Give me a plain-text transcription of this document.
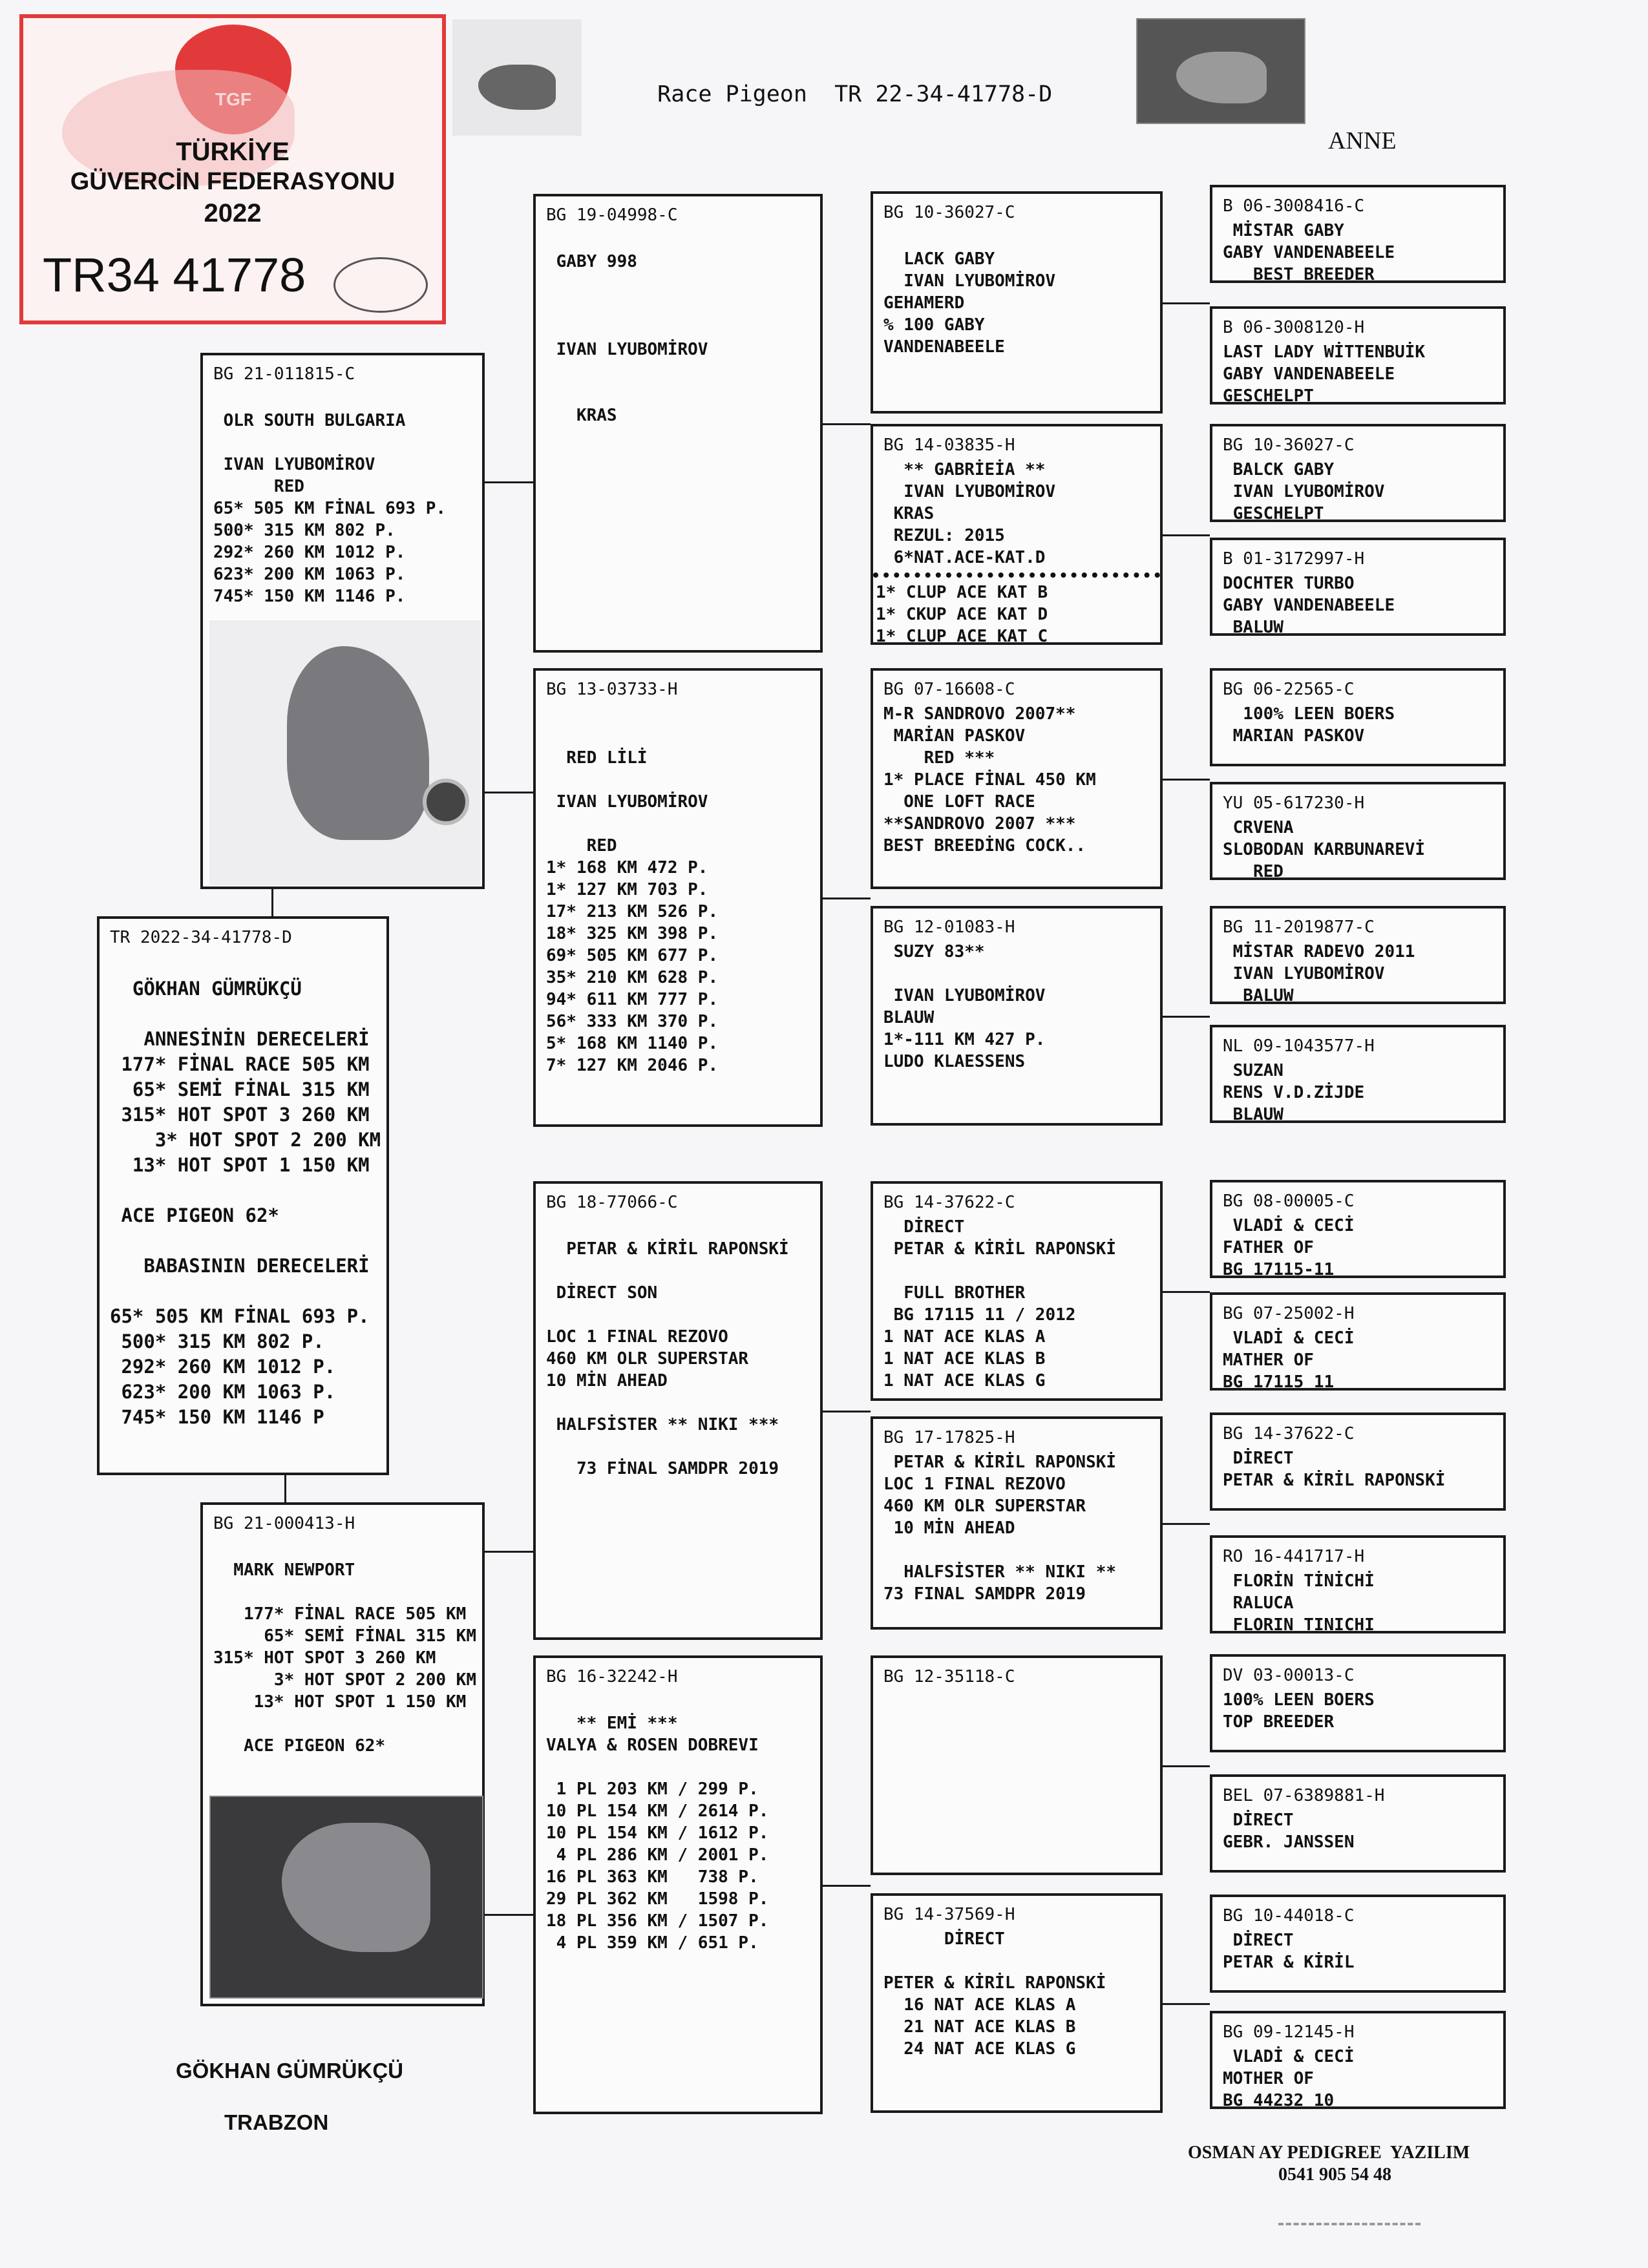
TÜRKİYE
GÜVERCİN FEDERASYONU
2022
TR34 41778

Race Pigeon TR 22-34-41778-D

ANNE
TR 2022-34-41778-D

GÖKHAN GÜMRÜKÇÜ

ANNESİNİN DERECELERİ
177* FİNAL RACE 505 KM
65* SEMİ FİNAL 315 KM
315* HOT SPOT 3 260 KM
3* HOT SPOT 2 200 KM
13* HOT SPOT 1 150 KM

ACE PIGEON 62*

BABASININ DERECELERİ

65* 505 KM FİNAL 693 P.
500* 315 KM 802 P.
292* 260 KM 1012 P.
623* 200 KM 1063 P.
745* 150 KM 1146 P
BG 21-011815-C

OLR SOUTH BULGARIA

IVAN LYUBOMİROV
RED
65* 505 KM FİNAL 693 P.
500* 315 KM 802 P.
292* 260 KM 1012 P.
623* 200 KM 1063 P.
745* 150 KM 1146 P.
BG 21-000413-H

MARK NEWPORT

177* FİNAL RACE 505 KM
65* SEMİ FİNAL 315 KM
315* HOT SPOT 3 260 KM
3* HOT SPOT 2 200 KM
13* HOT SPOT 1 150 KM

ACE PIGEON 62*
BG 19-04998-C

GABY 998

IVAN LYUBOMİROV

KRAS
BG 13-03733-H

RED LİLİ

IVAN LYUBOMİROV

RED
1* 168 KM 472 P.
1* 127 KM 703 P.
17* 213 KM 526 P.
18* 325 KM 398 P.
69* 505 KM 677 P.
35* 210 KM 628 P.
94* 611 KM 777 P.
56* 333 KM 370 P.
5* 168 KM 1140 P.
7* 127 KM 2046 P.
BG 18-77066-C

PETAR & KİRİL RAPONSKİ

DİRECT SON

LOC 1 FINAL REZOVO
460 KM OLR SUPERSTAR
10 MİN AHEAD

HALFSİSTER ** NIKI ***

73 FİNAL SAMDPR 2019
BG 16-32242-H

** EMİ ***
VALYA & ROSEN DOBREVI

1 PL 203 KM / 299 P.
10 PL 154 KM / 2614 P.
10 PL 154 KM / 1612 P.
4 PL 286 KM / 2001 P.
16 PL 363 KM   738 P.
29 PL 362 KM   1598 P.
18 PL 356 KM / 1507 P.
4 PL 359 KM / 651 P.
BG 10-36027-C

LACK GABY
IVAN LYUBOMİROV
GEHAMERD
% 100 GABY
VANDENABEELE
BG 14-03835-H
** GABRİEİA **
IVAN LYUBOMİROV
KRAS
REZUL: 2015
6*NAT.ACE-KAT.D
1* CLUP ACE KAT B
1* CKUP ACE KAT D
1* CLUP ACE KAT C
BG 07-16608-C
M-R SANDROVO 2007**
MARİAN PASKOV
RED ***
1* PLACE FİNAL 450 KM
ONE LOFT RACE
**SANDROVO 2007 ***
BEST BREEDİNG COCK..
BG 12-01083-H
SUZY 83**

IVAN LYUBOMİROV
BLAUW
1*-111 KM 427 P.
LUDO KLAESSENS
BG 14-37622-C
DİRECT
PETAR & KİRİL RAPONSKİ

FULL BROTHER
BG 17115 11 / 2012
1 NAT ACE KLAS A
1 NAT ACE KLAS B
1 NAT ACE KLAS G
BG 17-17825-H
PETAR & KİRİL RAPONSKİ
LOC 1 FINAL REZOVO
460 KM OLR SUPERSTAR
10 MİN AHEAD

HALFSİSTER ** NIKI **
73 FINAL SAMDPR 2019
BG 12-35118-C
BG 14-37569-H
DİRECT

PETER & KİRİL RAPONSKİ
16 NAT ACE KLAS A
21 NAT ACE KLAS B
24 NAT ACE KLAS G
B 06-3008416-C
MİSTAR GABY
GABY VANDENABEELE
BEST BREEDER
B 06-3008120-H
LAST LADY WİTTENBUİK
GABY VANDENABEELE
GESCHELPT
BG 10-36027-C
BALCK GABY
IVAN LYUBOMİROV
GESCHELPT
B 01-3172997-H
DOCHTER TURBO
GABY VANDENABEELE
BALUW
BG 06-22565-C
100% LEEN BOERS
MARIAN PASKOV
YU 05-617230-H
CRVENA
SLOBODAN KARBUNAREVİ
RED
BG 11-2019877-C
MİSTAR RADEVO 2011
IVAN LYUBOMİROV
BALUW
NL 09-1043577-H
SUZAN
RENS V.D.ZİJDE
BLAUW
BG 08-00005-C
VLADİ & CECİ
FATHER OF
BG 17115-11
BG 07-25002-H
VLADİ & CECİ
MATHER OF
BG 17115 11
BG 14-37622-C
DİRECT
PETAR & KİRİL RAPONSKİ
RO 16-441717-H
FLORİN TİNİCHİ
RALUCA
FLORIN TINICHI
DV 03-00013-C
100% LEEN BOERS
TOP BREEDER
BEL 07-6389881-H
DİRECT
GEBR. JANSSEN
BG 10-44018-C
DİRECT
PETAR & KİRİL
BG 09-12145-H
VLADİ & CECİ
MOTHER OF
BG 44232 10
GÖKHAN GÜMRÜKÇÜ
TRABZON
OSMAN AY PEDIGREE  YAZILIM
0541 905 54 48
